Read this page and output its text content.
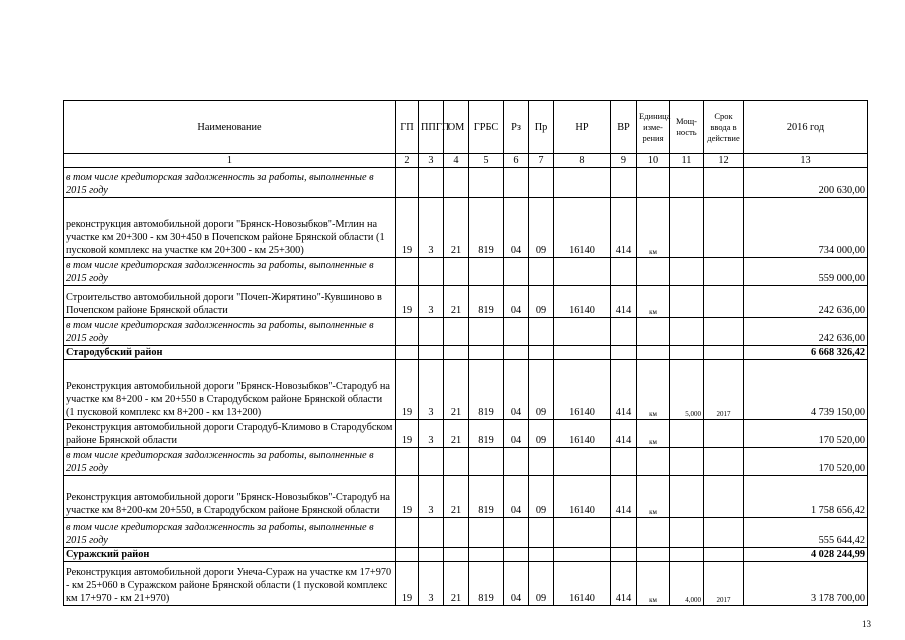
Наименование	ГП	ППГП	ОМ	ГРБС	Рз	Пр	НР	ВР	Единица изме-рения	Мощ-ность	Срок ввода в действие	2016 год
1	2	3	4	5	6	7	8	9	10	11	12	13
в том числе кредиторская задолженность за работы, выполненные в 2015 году												200 630,00
реконструкция автомобильной дороги "Брянск-Новозыбков"-Мглин на участке км 20+300 - км 30+450 в Почепском районе Брянской области (1 пусковой комплекс на участке км 20+300 - км 25+300)	19	3	21	819	04	09	16140	414	км			734 000,00
в том числе кредиторская задолженность за работы, выполненные в 2015 году												559 000,00
Строительство автомобильной дороги "Почеп-Жирятино"-Кувшиново в Почепском районе Брянской области	19	3	21	819	04	09	16140	414	км			242 636,00
в том числе кредиторская задолженность за работы, выполненные в 2015 году												242 636,00
Стародубский район												6 668 326,42
Реконструкция автомобильной дороги "Брянск-Новозыбков"-Стародуб на участке км 8+200 - км 20+550 в Стародубском районе Брянской области (1 пусковой комплекс км 8+200 - км 13+200)	19	3	21	819	04	09	16140	414	км	5,000	2017	4 739 150,00
Реконструкция автомобильной дороги Стародуб-Климово в Стародубском районе Брянской области	19	3	21	819	04	09	16140	414	км			170 520,00
в том числе кредиторская задолженность за работы, выполненные в 2015 году												170 520,00
Реконструкция автомобильной дороги "Брянск-Новозыбков"-Стародуб на участке км 8+200-км 20+550, в Стародубском районе Брянской области	19	3	21	819	04	09	16140	414	км			1 758 656,42
в том числе кредиторская задолженность за работы, выполненные в 2015 году												555 644,42
Суражский район												4 028 244,99
Реконструкция автомобильной дороги Унеча-Сураж на участке км 17+970 - км 25+060 в Суражском районе Брянской области (1 пусковой комплекс км 17+970 - км 21+970)	19	3	21	819	04	09	16140	414	км	4,000	2017	3 178 700,00
13
